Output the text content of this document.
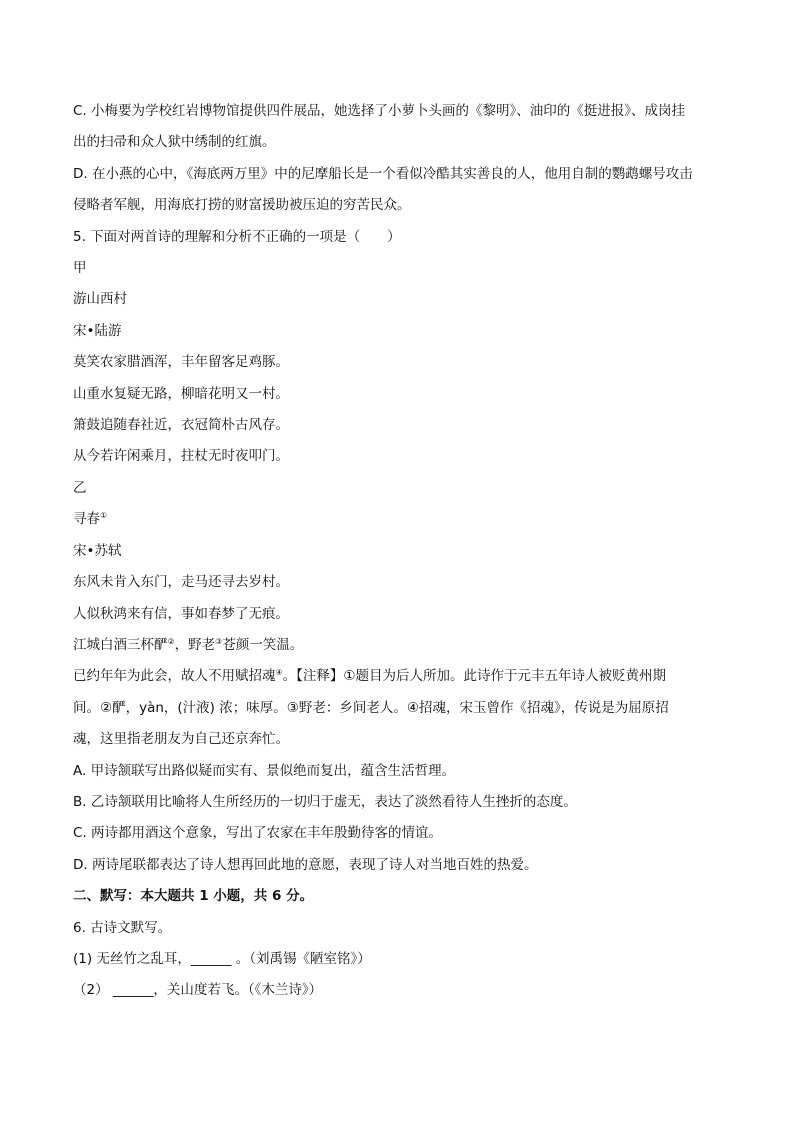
C. 小梅要为学校红岩博物馆提供四件展品，她选择了小萝卜头画的《黎明》、油印的《挺进报》、成岗挂
出的扫帚和众人狱中绣制的红旗。
D. 在小燕的心中，《海底两万里》中的尼摩船长是一个看似冷酷其实善良的人，他用自制的鹦鹉螺号攻击
侵略者军舰，用海底打捞的财富援助被压迫的穷苦民众。
5. 下面对两首诗的理解和分析不正确的一项是（　　）
甲
游山西村
宋•陆游
莫笑农家腊酒浑，丰年留客足鸡豚。
山重水复疑无路，柳暗花明又一村。
箫鼓追随春社近，衣冠简朴古风存。
从今若许闲乘月，拄杖无时夜叩门。
乙
寻春①
宋•苏轼
东风未肯入东门，走马还寻去岁村。
人似秋鸿来有信，事如春梦了无痕。
江城白酒三杯酽②，野老③苍颜一笑温。
已约年年为此会，故人不用赋招魂④。【注释】①题目为后人所加。此诗作于元丰五年诗人被贬黄州期
间。②酽，yàn，(汁液) 浓；味厚。③野老：乡间老人。④招魂，宋玉曾作《招魂》，传说是为屈原招
魂，这里指老朋友为自己还京奔忙。
A. 甲诗颔联写出路似疑而实有、景似绝而复出，蕴含生活哲理。
B. 乙诗颔联用比喻将人生所经历的一切归于虚无，表达了淡然看待人生挫折的态度。
C. 两诗都用酒这个意象，写出了农家在丰年殷勤待客的情谊。
D. 两诗尾联都表达了诗人想再回此地的意愿，表现了诗人对当地百姓的热爱。
二、默写：本大题共 1 小题，共 6 分。
6. 古诗文默写。
(1) 无丝竹之乱耳，______ 。（刘禹锡《陋室铭》）
（2） ______，关山度若飞。（《木兰诗》）
